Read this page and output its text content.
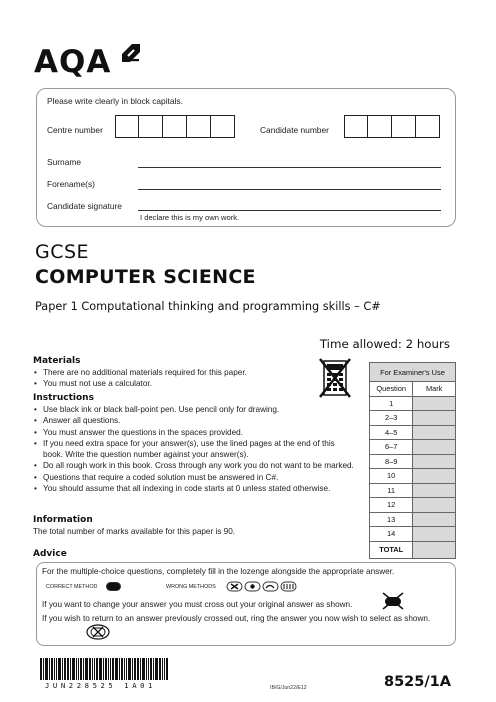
AQA
Please write clearly in block capitals.
Centre number	Candidate number
Surname
Forename(s)
Candidate signature
I declare this is my own work.
GCSE
COMPUTER SCIENCE
Paper 1 Computational thinking and programming skills – C#
Time allowed: 2 hours
Materials
• There are no additional materials required for this paper.
• You must not use a calculator.
Instructions
• Use black ink or black ball-point pen. Use pencil only for drawing.
• Answer all questions.
• You must answer the questions in the spaces provided.
• If you need extra space for your answer(s), use the lined pages at the end of this book. Write the question number against your answer(s).
• Do all rough work in this book. Cross through any work you do not want to be marked.
• Questions that require a coded solution must be answered in C#.
• You should assume that all indexing in code starts at 0 unless stated otherwise.
Information
The total number of marks available for this paper is 90.
For Examiner's Use	
Question	Mark
1	
2–3	
4–5	
6–7	
8–9	
10	
11	
12	
13	
14	
TOTAL	
Advice
For the multiple-choice questions, completely fill in the lozenge alongside the appropriate answer.
CORRECT METHOD	WRONG METHODS
If you want to change your answer you must cross out your original answer as shown.
If you wish to return to an answer previously crossed out, ring the answer you now wish to select as shown.
JUN228525 1A01	IB/G/Jun22/E12	8525/1A
